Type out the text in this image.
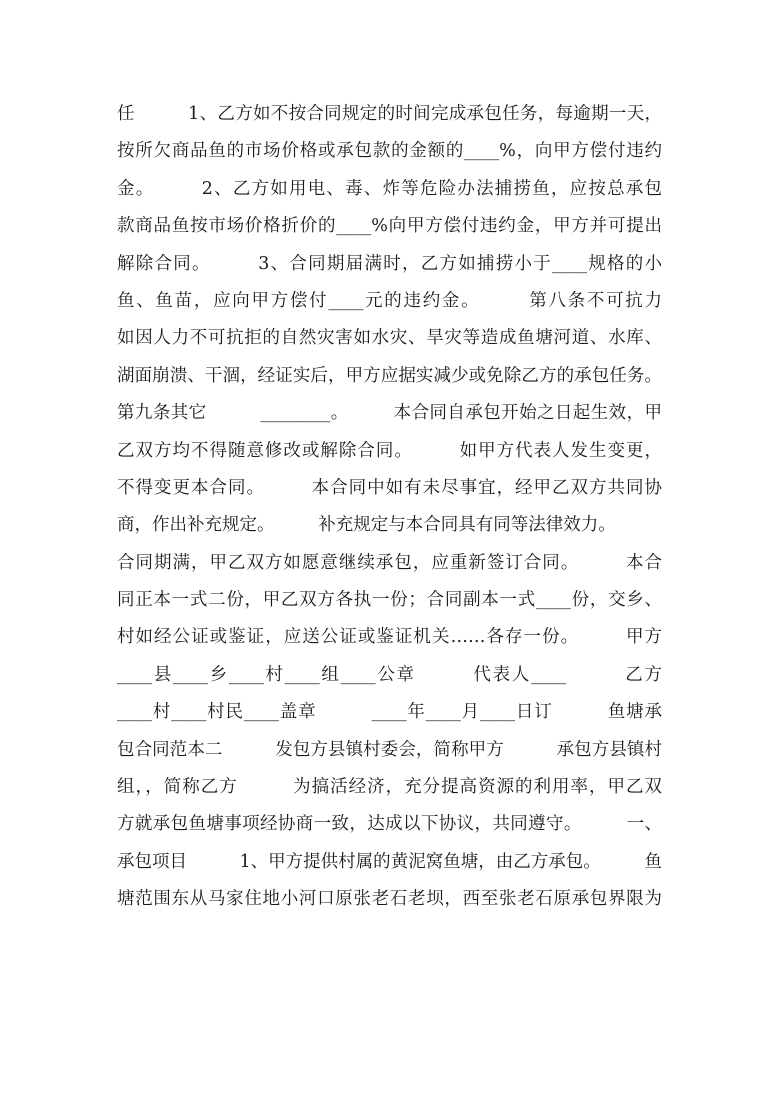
任　　　1、乙方如不按合同规定的时间完成承包任务，每逾期一天，
按所欠商品鱼的市场价格或承包款的金额的____%，向甲方偿付违约
金。　　　2、乙方如用电、毒、炸等危险办法捕捞鱼，应按总承包
款商品鱼按市场价格折价的____%向甲方偿付违约金，甲方并可提出
解除合同。　　　3、合同期届满时，乙方如捕捞小于____规格的小
鱼、鱼苗，应向甲方偿付____元的违约金。　　　第八条不可抗力
如因人力不可抗拒的自然灾害如水灾、旱灾等造成鱼塘河道、水库、
湖面崩溃、干涸，经证实后，甲方应据实减少或免除乙方的承包任务。
第九条其它　　　________。　　　本合同自承包开始之日起生效，甲
乙双方均不得随意修改或解除合同。　　　如甲方代表人发生变更，
不得变更本合同。　　　本合同中如有未尽事宜，经甲乙双方共同协
商，作出补充规定。　　　补充规定与本合同具有同等法律效力。
合同期满，甲乙双方如愿意继续承包，应重新签订合同。　　　本合
同正本一式二份，甲乙双方各执一份；合同副本一式____份，交乡、
村如经公证或鉴证，应送公证或鉴证机关……各存一份。　　　甲方
____县____乡____村____组____公章　　　代表人____　　　乙方
____村____村民____盖章　　　____年____月____日订　　　鱼塘承
包合同范本二　　　发包方县镇村委会，简称甲方　　　承包方县镇村
组，，简称乙方　　　为搞活经济，充分提高资源的利用率，甲乙双
方就承包鱼塘事项经协商一致，达成以下协议，共同遵守。　　　一、
承包项目　　　1、甲方提供村属的黄泥窝鱼塘，由乙方承包。　　　鱼
塘范围东从马家住地小河口原张老石老坝，西至张老石原承包界限为
